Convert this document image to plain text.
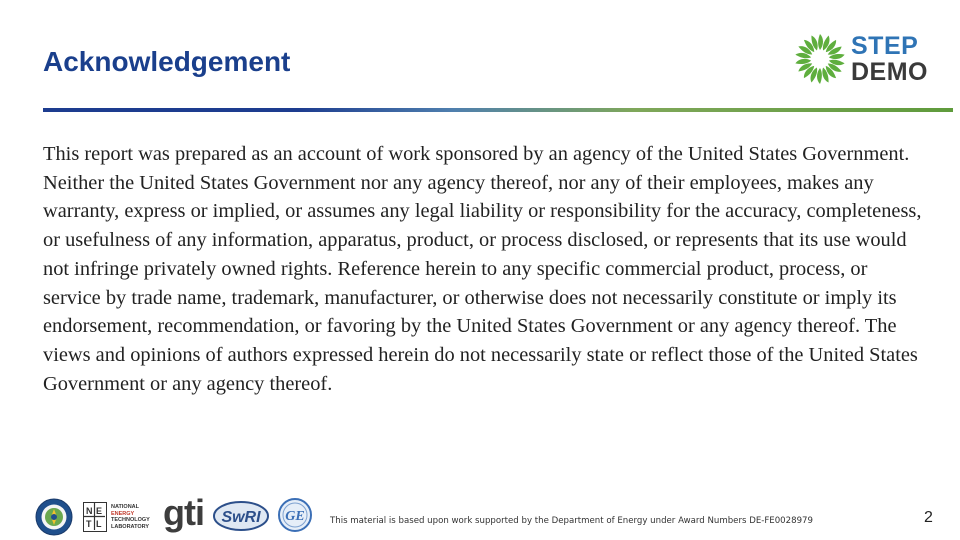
Acknowledgement	STEP
DEMO

This report was prepared as an account of work sponsored by an agency of the United States Government. Neither the United States Government nor any agency thereof, nor any of their employees, makes any warranty, express or implied, or assumes any legal liability or responsibility for the accuracy, completeness, or usefulness of any information, apparatus, product, or process disclosed, or represents that its use would not infringe privately owned rights. Reference herein to any specific commercial product, process, or service by trade name, trademark, manufacturer, or otherwise does not necessarily constitute or imply its endorsement, recommendation, or favoring by the United States Government or any agency thereof. The views and opinions of authors expressed herein do not necessarily state or reflect those of the United States Government or any agency thereof.

N E
T L
NATIONAL
ENERGY
TECHNOLOGY
LABORATORY gti SwRI GE	This material is based upon work supported by the Department of Energy under Award Numbers DE-FE0028979	2
